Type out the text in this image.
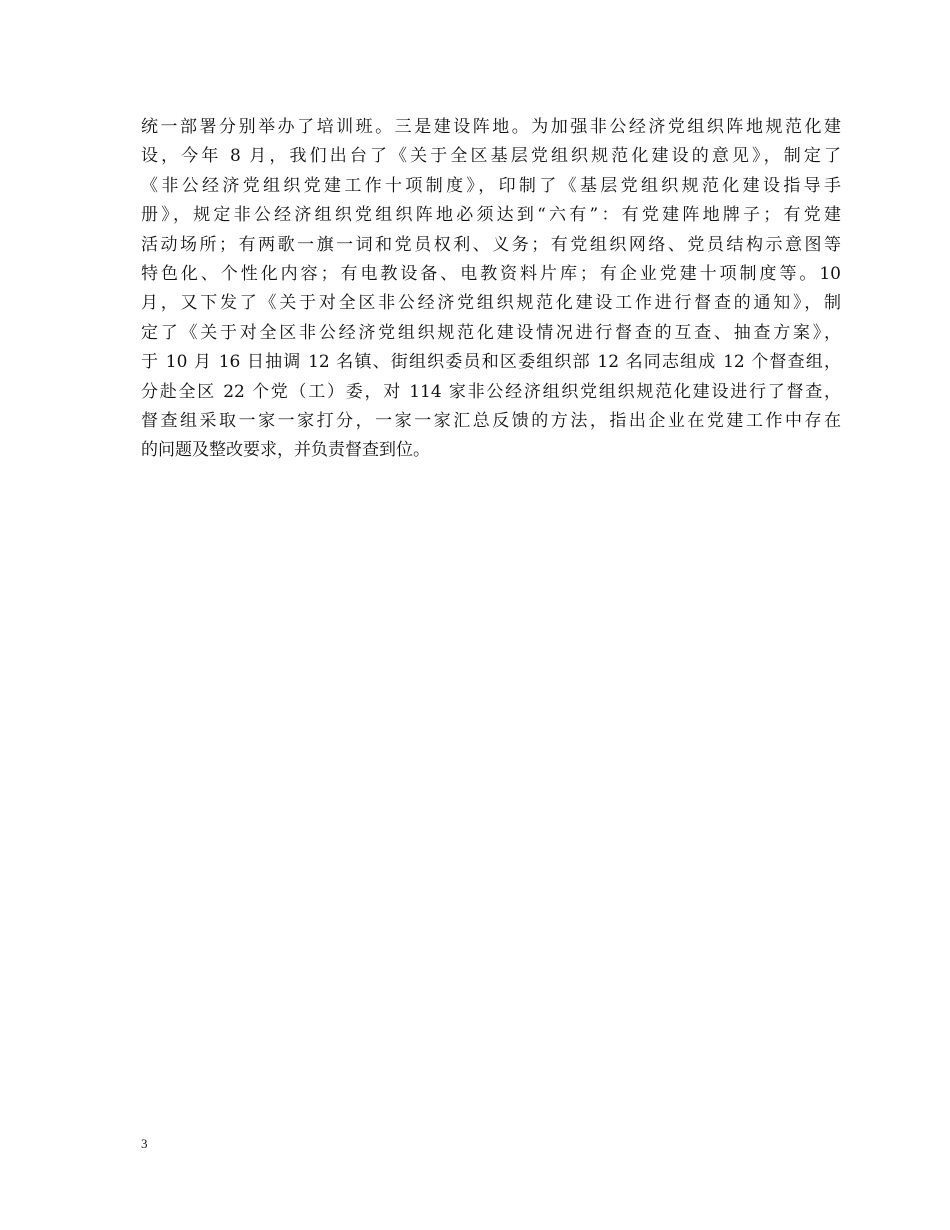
统一部署分别举办了培训班。三是建设阵地。为加强非公经济党组织阵地规范化建
设，今年 8 月，我们出台了《关于全区基层党组织规范化建设的意见》，制定了
《非公经济党组织党建工作十项制度》，印制了《基层党组织规范化建设指导手
册》，规定非公经济组织党组织阵地必须达到“六有”：有党建阵地牌子；有党建
活动场所；有两歌一旗一词和党员权利、义务；有党组织网络、党员结构示意图等
特色化、个性化内容；有电教设备、电教资料片库；有企业党建十项制度等。10
月，又下发了《关于对全区非公经济党组织规范化建设工作进行督查的通知》，制
定了《关于对全区非公经济党组织规范化建设情况进行督查的互查、抽查方案》，
于 10 月 16 日抽调 12 名镇、街组织委员和区委组织部 12 名同志组成 12 个督查组，
分赴全区 22 个党（工）委，对 114 家非公经济组织党组织规范化建设进行了督查，
督查组采取一家一家打分，一家一家汇总反馈的方法，指出企业在党建工作中存在
的问题及整改要求，并负责督查到位。
3
